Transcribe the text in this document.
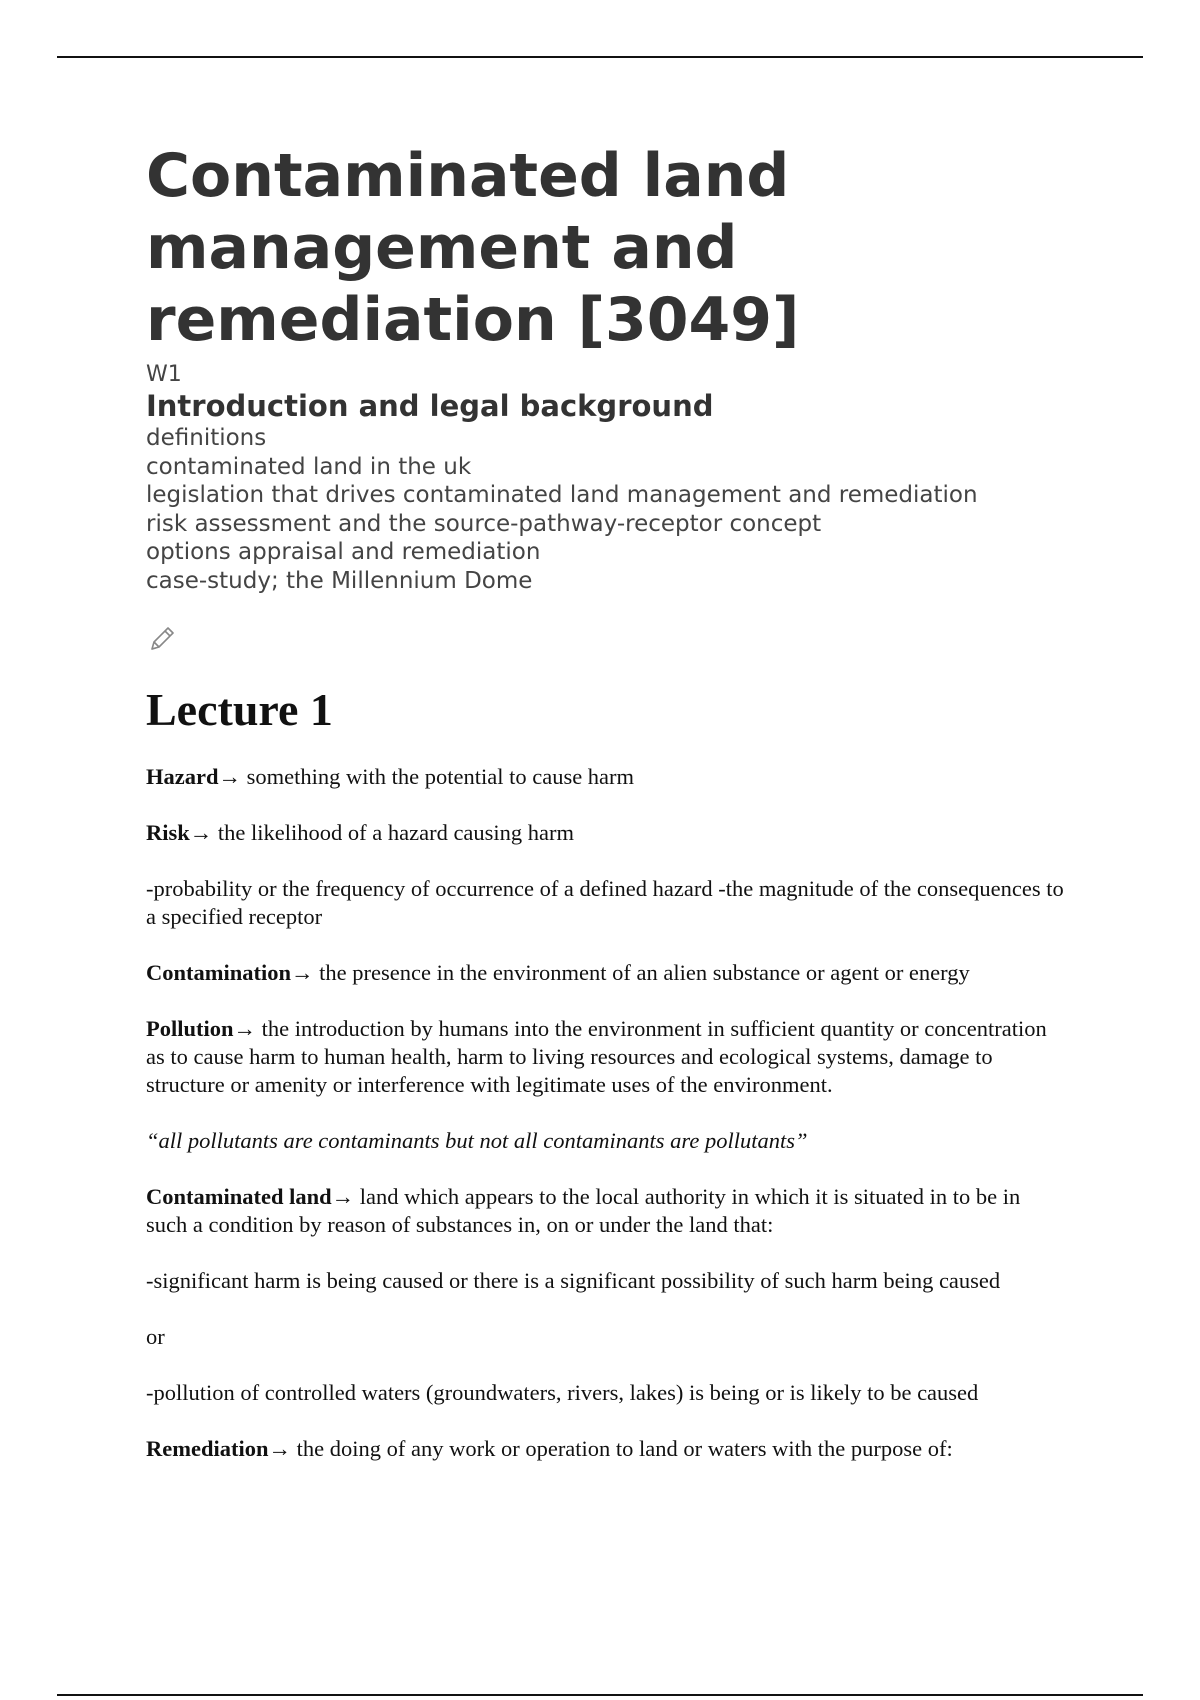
Contaminated land management and remediation [3049]
W1
Introduction and legal background
definitions
contaminated land in the uk
legislation that drives contaminated land management and remediation
risk assessment and the source-pathway-receptor concept
options appraisal and remediation
case-study; the Millennium Dome
Lecture 1

Hazard→ something with the potential to cause harm

Risk→ the likelihood of a hazard causing harm

-probability or the frequency of occurrence of a defined hazard -the magnitude of the consequences to a specified receptor

Contamination→ the presence in the environment of an alien substance or agent or energy

Pollution→ the introduction by humans into the environment in sufficient quantity or concentration as to cause harm to human health, harm to living resources and ecological systems, damage to structure or amenity or interference with legitimate uses of the environment.

“all pollutants are contaminants but not all contaminants are pollutants”

Contaminated land→ land which appears to the local authority in which it is situated in to be in such a condition by reason of substances in, on or under the land that:

-significant harm is being caused or there is a significant possibility of such harm being caused

or

-pollution of controlled waters (groundwaters, rivers, lakes) is being or is likely to be caused

Remediation→ the doing of any work or operation to land or waters with the purpose of:
